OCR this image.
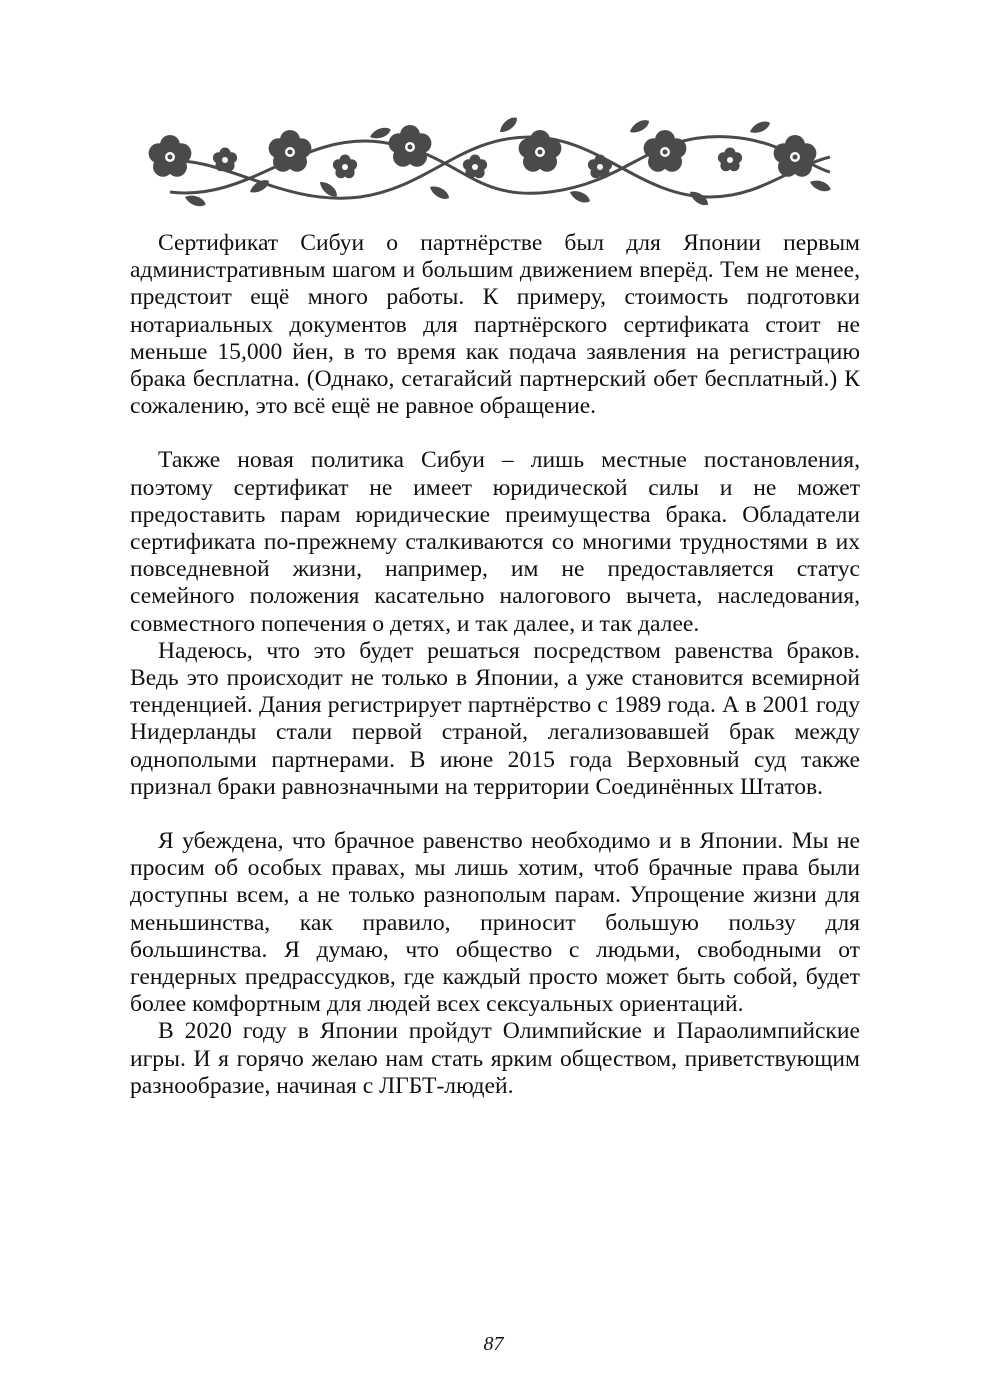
Сертификат Сибуи о партнёрстве был для Японии первым административным шагом и большим движением вперёд. Тем не менее, предстоит ещё много работы. К примеру, стоимость подготовки нотариальных документов для партнёрского сертификата стоит не меньше 15,000 йен, в то время как подача заявления на регистрацию брака бесплатна. (Однако, сетагайсий партнерский обет бесплатный.) К сожалению, это всё ещё не равное обращение.

Также новая политика Сибуи – лишь местные постановления, поэтому сертификат не имеет юридической силы и не может предоставить парам юридические преимущества брака. Обладатели сертификата по-прежнему сталкиваются со многими трудностями в их повседневной жизни, например, им не предоставляется статус семейного положения касательно налогового вычета, наследования, совместного попечения о детях, и так далее, и так далее.

Надеюсь, что это будет решаться посредством равенства браков. Ведь это происходит не только в Японии, а уже становится всемирной тенденцией. Дания регистрирует партнёрство с 1989 года. А в 2001 году Нидерланды стали первой страной, легализовавшей брак между однополыми партнерами. В июне 2015 года Верховный суд также признал браки равнозначными на территории Соединённых Штатов.

Я убеждена, что брачное равенство необходимо и в Японии. Мы не просим об особых правах, мы лишь хотим, чтоб брачные права были доступны всем, а не только разнополым парам. Упрощение жизни для меньшинства, как правило, приносит большую пользу для большинства. Я думаю, что общество с людьми, свободными от гендерных предрассудков, где каждый просто может быть собой, будет более комфортным для людей всех сексуальных ориентаций.

В 2020 году в Японии пройдут Олимпийские и Параолимпийские игры. И я горячо желаю нам стать ярким обществом, приветствующим разнообразие, начиная с ЛГБТ-людей.

87
